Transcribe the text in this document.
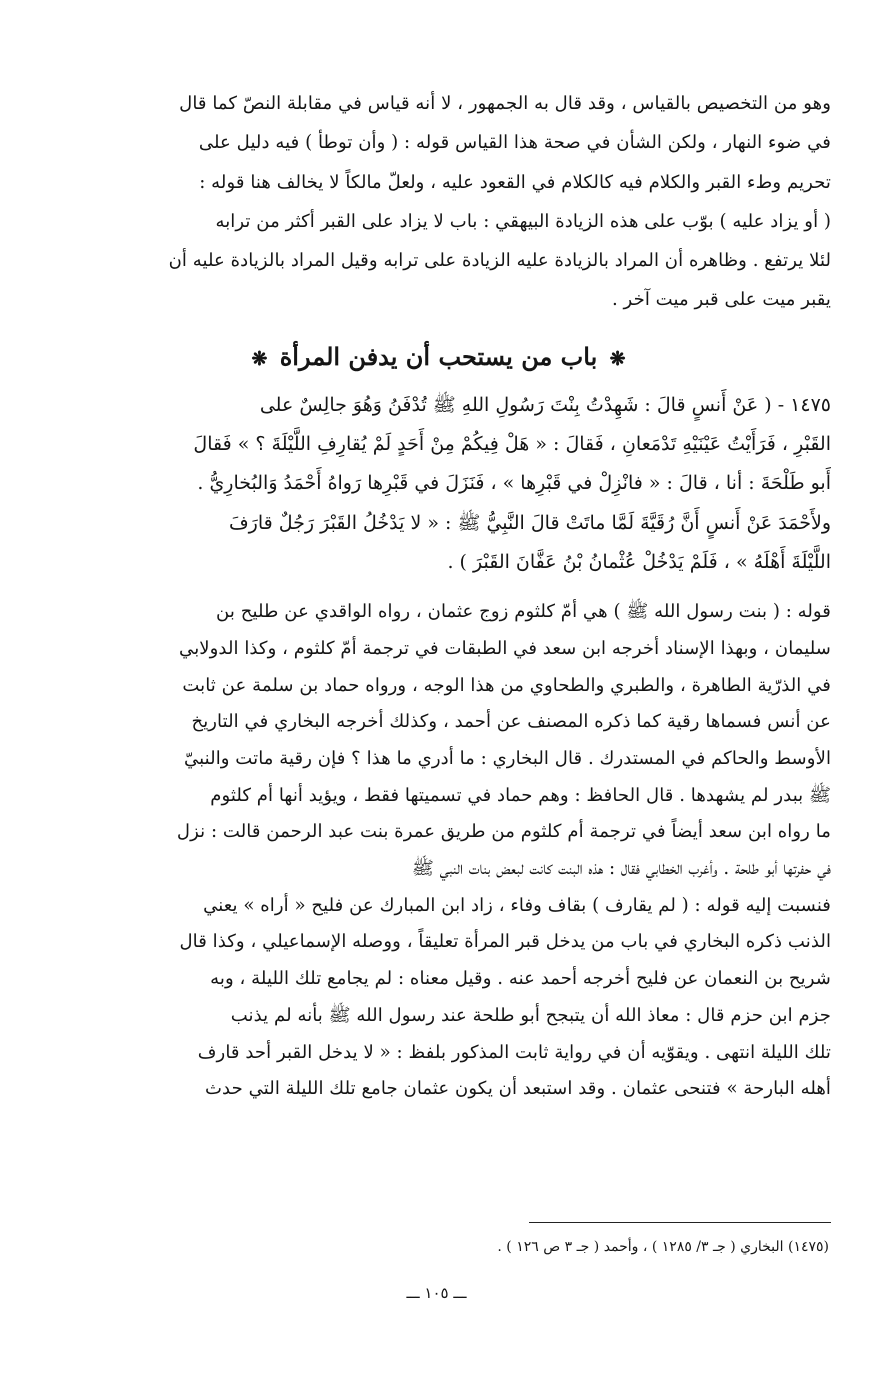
وهو من التخصيص بالقياس ، وقد قال به الجمهور ، لا أنه قياس في مقابلة النصّ كما قال
في ضوء النهار ، ولكن الشأن في صحة هذا القياس قوله : ( وأن توطأ ) فيه دليل على
تحريم وطء القبر والكلام فيه كالكلام في القعود عليه ، ولعلّ مالكاً لا يخالف هنا قوله :
( أو يزاد عليه ) بوّب على هذه الزيادة البيهقي : باب لا يزاد على القبر أكثر من ترابه
لئلا يرتفع . وظاهره أن المراد بالزيادة عليه الزيادة على ترابه وقيل المراد بالزيادة عليه أن
يقبر ميت على قبر ميت آخر .
❋ باب من يستحب أن يدفن المرأة ❋
١٤٧٥ - ( عَنْ أَنسٍ قالَ : شَهِدْتُ بِنْتَ رَسُولِ اللهِ ﷺ تُدْفَنُ وَهُوَ جالِسٌ على
القَبْرِ ، فَرَأَيْتُ عَيْنَيْهِ تَدْمَعانِ ، فَقالَ : « هَلْ فِيكُمْ مِنْ أَحَدٍ لَمْ يُقارِفِ اللَّيْلَةَ ؟ » فَقالَ
أَبو طَلْحَةَ : أنا ، قالَ : « فانْزِلْ في قَبْرِها » ، فَنَزَلَ في قَبْرِها رَواهُ أَحْمَدُ وَالبُخارِيُّ .
ولأَحْمَدَ عَنْ أَنسٍ أَنَّ رُقَيَّةَ لَمَّا ماتَتْ قالَ النَّبِيُّ ﷺ : « لا يَدْخُلُ القَبْرَ رَجُلٌ قارَفَ
اللَّيْلَةَ أَهْلَهُ » ، فَلَمْ يَدْخُلْ عُثْمانُ بْنُ عَفَّانَ القَبْرَ ) .
قوله : ( بنت رسول الله ﷺ ) هي أمّ كلثوم زوج عثمان ، رواه الواقدي عن طليح بن
سليمان ، وبهذا الإسناد أخرجه ابن سعد في الطبقات في ترجمة أمّ كلثوم ، وكذا الدولابي
في الذرّية الطاهرة ، والطبري والطحاوي من هذا الوجه ، ورواه حماد بن سلمة عن ثابت
عن أنس فسماها رقية كما ذكره المصنف عن أحمد ، وكذلك أخرجه البخاري في التاريخ
الأوسط والحاكم في المستدرك . قال البخاري : ما أدري ما هذا ؟ فإن رقية ماتت والنبيّ
ﷺ ببدر لم يشهدها . قال الحافظ : وهم حماد في تسميتها فقط ، ويؤيد أنها أم كلثوم
ما رواه ابن سعد أيضاً في ترجمة أم كلثوم من طريق عمرة بنت عبد الرحمن قالت : نزل
في حفرتها أبو طلحة . وأغرب الخطابي فقال : هذه البنت كانت لبعض بنات النبي ﷺ
فنسبت إليه قوله : ( لم يقارف ) بقاف وفاء ، زاد ابن المبارك عن فليح « أراه » يعني
الذنب ذكره البخاري في باب من يدخل قبر المرأة تعليقاً ، ووصله الإسماعيلي ، وكذا قال
شريح بن النعمان عن فليح أخرجه أحمد عنه . وقيل معناه : لم يجامع تلك الليلة ، وبه
جزم ابن حزم قال : معاذ الله أن يتبجح أبو طلحة عند رسول الله ﷺ بأنه لم يذنب
تلك الليلة انتهى . ويقوّيه أن في رواية ثابت المذكور بلفظ : « لا يدخل القبر أحد قارف
أهله البارحة » فتنحى عثمان . وقد استبعد أن يكون عثمان جامع تلك الليلة التي حدث
(١٤٧٥) البخاري ( جـ ٣/ ١٢٨٥ ) ، وأحمد ( جـ ٣ ص ١٢٦ ) .
ـــ ١٠٥ ـــ
